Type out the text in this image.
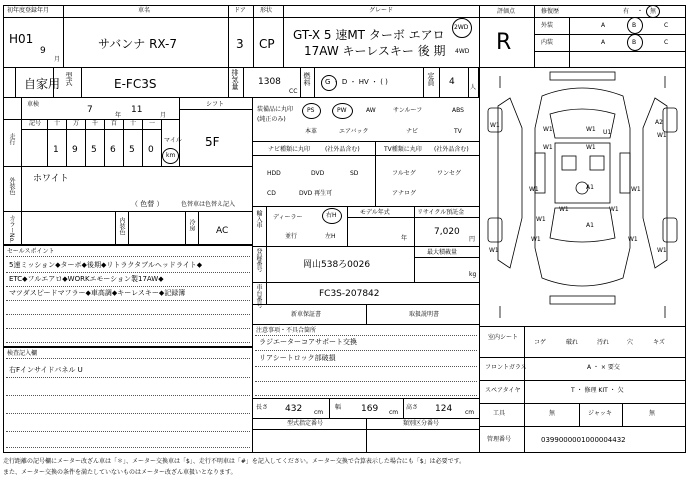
初年度登録年月
H01
9
月
車名
サバンナ RX-7
ドア
3
形状
CP
グレード
GT-X 5 速MT ターボ エアロ
17AW キーレスキー 後 期
2WD
4WD
評価点
R
修復歴	有 ・ 無
外装	A	B	C
内装	A	B	C
自家用 型式	E-FC3S	排気量 1308
CC
燃料 G ・ D ・ HV ・ ( )	定員 4
人
車検
7
年
11
月
シフト
5F
走行
記号 十 万 千 百 十 一
1 9 5 6 5 0
マイル
km
外装色 ホワイト
（ 色替 ）	色替車は色替え記入
カラーNo.	内装色	冷房 AC
セールスポイント
5速ミッション◆ターボ◆後期◆リトラクタブルヘッドライト◆
ETC◆フルエアロ◆WORKエモーション製17AW◆
マツダスピードマフラー◆車高調◆キーレスキー◆記録簿
検査記入欄
右Fインサイドパネル U
装備品に丸印
(純正のみ)
PS	PW	AW	サンルーフ	ABS
本革	エアバック	ナビ	TV
ナビ種類に丸印 (社外品含む)
HDD	DVD	SD
CD	DVD 再生可
TV種類に丸印 (社外品含む)
フルセグ	ワンセグ
アナログ
輸入車 ディーラー	右H
並行	左H
モデル年式
年
リサイクル預託金
7,020
円
登録番号	岡山538ろ0026
最大積載量
kg
車台番号	FC3S-207842
新車保証書	取扱説明書
注意事項・不具合箇所
ラジエーターコアサポート交換
リアシートロック部破損
長さ 432 cm
幅 169 cm
高さ 124 cm
型式指定番号	類別区分番号
W1	W1
W1	W1
U1
W1	A2
W1
A1
W1	W1
W1	W1
W1
A1
W1	W1
W1	W1
室内シート
コゲ	破れ	汚れ	穴	キズ
フロントガラス	A ・ × 要交
スペアタイヤ	T ・ 修理 KIT ・ 欠
工具	無	ジャッキ	無
管理番号	0399000001000004432
走行距離の記号欄にメーター改ざん車は「＊」、メーター交換車は「$」、走行不明車は「#」を記入してください。メーター交換で合算表示した場合にも「$」は必要です。
また、メーター交換の条件を満たしていないものはメーター改ざん車扱いとなります。
